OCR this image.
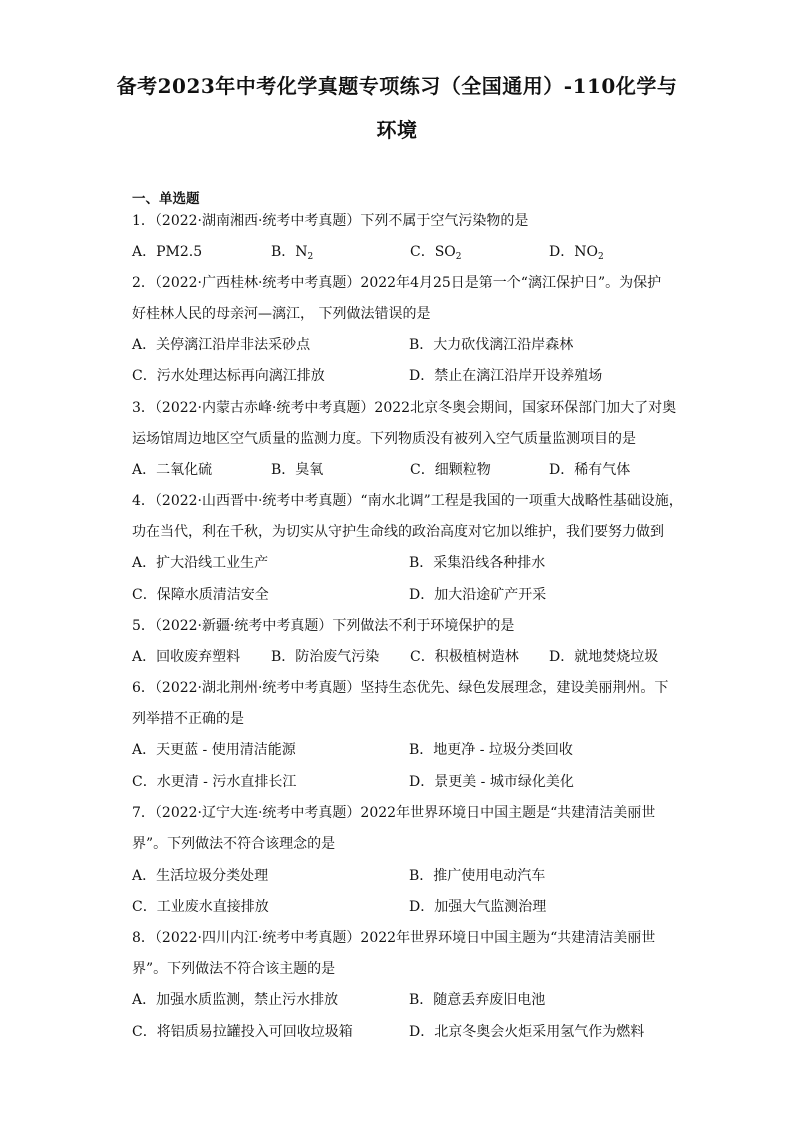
备考2023年中考化学真题专项练习（全国通用）-110化学与
环境
一、单选题
1．（2022·湖南湘西·统考中考真题）下列不属于空气污染物的是
A．PM2.5	B．$N_2$	C．$SO_2$	D．$NO_2$
2．（2022·广西桂林·统考中考真题）2022年4月25日是第一个“漓江保护日”。为保护
好桂林人民的母亲河—漓江， 下列做法错误的是
A．关停漓江沿岸非法采砂点	B．大力砍伐漓江沿岸森林
C．污水处理达标再向漓江排放	D．禁止在漓江沿岸开设养殖场
3．（2022·内蒙古赤峰·统考中考真题）2022北京冬奥会期间，国家环保部门加大了对奥
运场馆周边地区空气质量的监测力度。下列物质没有被列入空气质量监测项目的是
A．二氧化硫	B．臭氧	C．细颗粒物	D．稀有气体
4．（2022·山西晋中·统考中考真题）“南水北调”工程是我国的一项重大战略性基础设施，
功在当代，利在千秋，为切实从守护生命线的政治高度对它加以维护，我们要努力做到
A．扩大沿线工业生产	B．采集沿线各种排水
C．保障水质清洁安全	D．加大沿途矿产开采
5．（2022·新疆·统考中考真题）下列做法不利于环境保护的是
A．回收废弃塑料 B．防治废气污染 C．积极植树造林 D．就地焚烧垃圾
6．（2022·湖北荆州·统考中考真题）坚持生态优先、绿色发展理念，建设美丽荆州。下
列举措不正确的是
A．天更蓝 - 使用清洁能源	B．地更净 - 垃圾分类回收
C．水更清 - 污水直排长江	D．景更美 - 城市绿化美化
7．（2022·辽宁大连·统考中考真题）2022年世界环境日中国主题是“共建清洁美丽世
界”。下列做法不符合该理念的是
A．生活垃圾分类处理	B．推广使用电动汽车
C．工业废水直接排放	D．加强大气监测治理
8．（2022·四川内江·统考中考真题）2022年世界环境日中国主题为“共建清洁美丽世
界”。下列做法不符合该主题的是
A．加强水质监测，禁止污水排放	B．随意丢弃废旧电池
C．将铝质易拉罐投入可回收垃圾箱	D．北京冬奥会火炬采用氢气作为燃料
